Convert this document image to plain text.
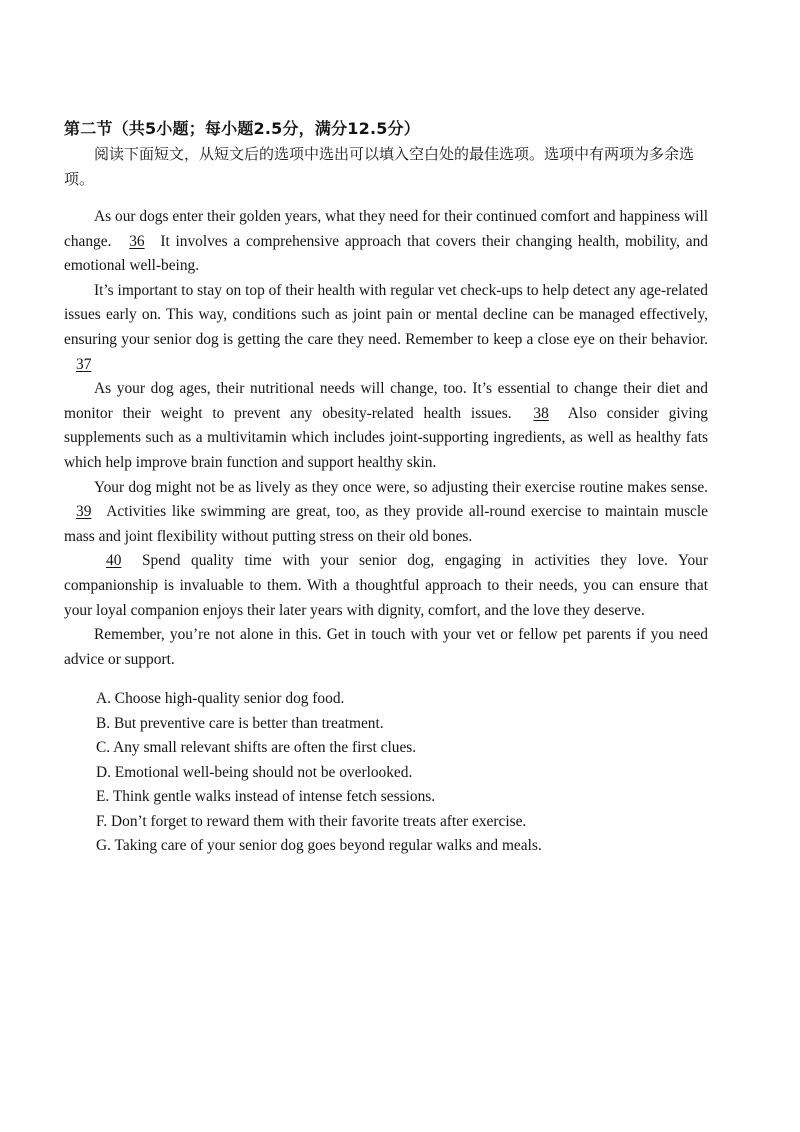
第二节（共5小题；每小题2.5分，满分12.5分）
阅读下面短文，从短文后的选项中选出可以填入空白处的最佳选项。选项中有两项为多余选项。

As our dogs enter their golden years, what they need for their continued comfort and happiness will change. 36 It involves a comprehensive approach that covers their changing health, mobility, and emotional well-being.

It’s important to stay on top of their health with regular vet check-ups to help detect any age-related issues early on. This way, conditions such as joint pain or mental decline can be managed effectively, ensuring your senior dog is getting the care they need. Remember to keep a close eye on their behavior. 37

As your dog ages, their nutritional needs will change, too. It’s essential to change their diet and monitor their weight to prevent any obesity-related health issues. 38 Also consider giving supplements such as a multivitamin which includes joint-supporting ingredients, as well as healthy fats which help improve brain function and support healthy skin.

Your dog might not be as lively as they once were, so adjusting their exercise routine makes sense. 39 Activities like swimming are great, too, as they provide all-round exercise to maintain muscle mass and joint flexibility without putting stress on their old bones.

40 Spend quality time with your senior dog, engaging in activities they love. Your companionship is invaluable to them. With a thoughtful approach to their needs, you can ensure that your loyal companion enjoys their later years with dignity, comfort, and the love they deserve.

Remember, you’re not alone in this. Get in touch with your vet or fellow pet parents if you need advice or support.

A. Choose high-quality senior dog food.
B. But preventive care is better than treatment.
C. Any small relevant shifts are often the first clues.
D. Emotional well-being should not be overlooked.
E. Think gentle walks instead of intense fetch sessions.
F. Don’t forget to reward them with their favorite treats after exercise.
G. Taking care of your senior dog goes beyond regular walks and meals.
